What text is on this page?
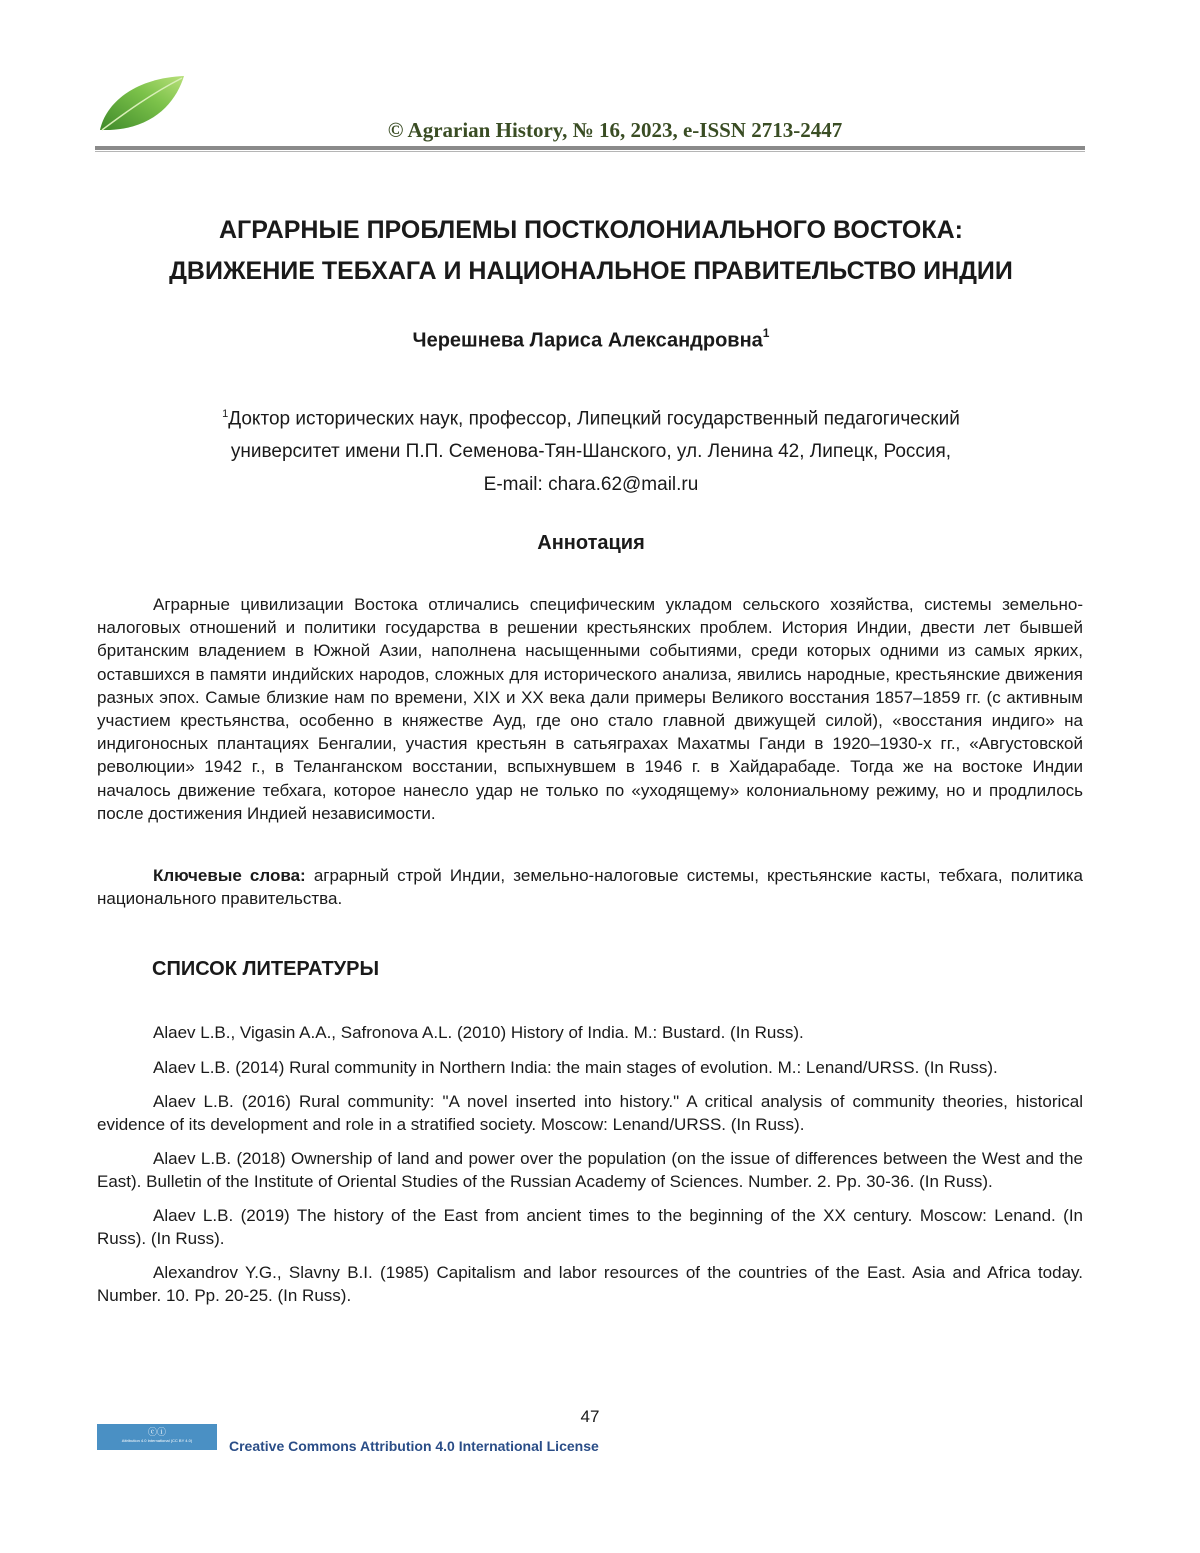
© Agrarian History, № 16, 2023, e-ISSN 2713-2447
АГРАРНЫЕ ПРОБЛЕМЫ ПОСТКОЛОНИАЛЬНОГО ВОСТОКА:
ДВИЖЕНИЕ ТЕБХАГА И НАЦИОНАЛЬНОЕ ПРАВИТЕЛЬСТВО ИНДИИ
Черешнева Лариса Александровна$^1$

$^1$Доктор исторических наук, профессор, Липецкий государственный педагогический

университет имени П.П. Семенова-Тян-Шанского, ул. Ленина 42, Липецк, Россия,

E-mail: chara.62@mail.ru

Аннотация

Аграрные цивилизации Востока отличались специфическим укладом сельского хозяйства, системы земельно-налоговых отношений и политики государства в решении крестьянских проблем. История Индии, двести лет бывшей британским владением в Южной Азии, наполнена насыщенными событиями, среди которых одними из самых ярких, оставшихся в памяти индийских народов, сложных для исторического анализа, явились народные, крестьянские движения разных эпох. Самые близкие нам по времени, XIX и XX века дали примеры Великого восстания 1857–1859 гг. (с активным участием крестьянства, особенно в княжестве Ауд, где оно стало главной движущей силой), «восстания индиго» на индигоносных плантациях Бенгалии, участия крестьян в сатьяграхах Махатмы Ганди в 1920–1930-х гг., «Августовской революции» 1942 г., в Теланганском восстании, вспыхнувшем в 1946 г. в Хайдарабаде. Тогда же на востоке Индии началось движение тебхага, которое нанесло удар не только по «уходящему» колониальному режиму, но и продлилось после достижения Индией независимости.

Ключевые слова: аграрный строй Индии, земельно-налоговые системы, крестьянские касты, тебхага, политика национального правительства.

СПИСОК ЛИТЕРАТУРЫ

Alaev L.B., Vigasin A.A., Safronova A.L. (2010) History of India. M.: Bustard. (In Russ).

Alaev L.B. (2014) Rural community in Northern India: the main stages of evolution. M.: Lenand/URSS. (In Russ).

Alaev L.B. (2016) Rural community: "A novel inserted into history." A critical analysis of community theories, historical evidence of its development and role in a stratified society. Moscow: Lenand/URSS. (In Russ).

Alaev L.B. (2018) Ownership of land and power over the population (on the issue of differences between the West and the East). Bulletin of the Institute of Oriental Studies of the Russian Academy of Sciences. Number. 2. Pp. 30-36. (In Russ).

Alaev L.B. (2019) The history of the East from ancient times to the beginning of the XX century. Moscow: Lenand. (In Russ). (In Russ).

Alexandrov Y.G., Slavny B.I. (1985) Capitalism and labor resources of the countries of the East. Asia and Africa today. Number. 10. Pp. 20-25. (In Russ).

47
ⓒⓘ
Attribution 4.0 International (CC BY 4.0)	Creative Commons Attribution 4.0 International License
